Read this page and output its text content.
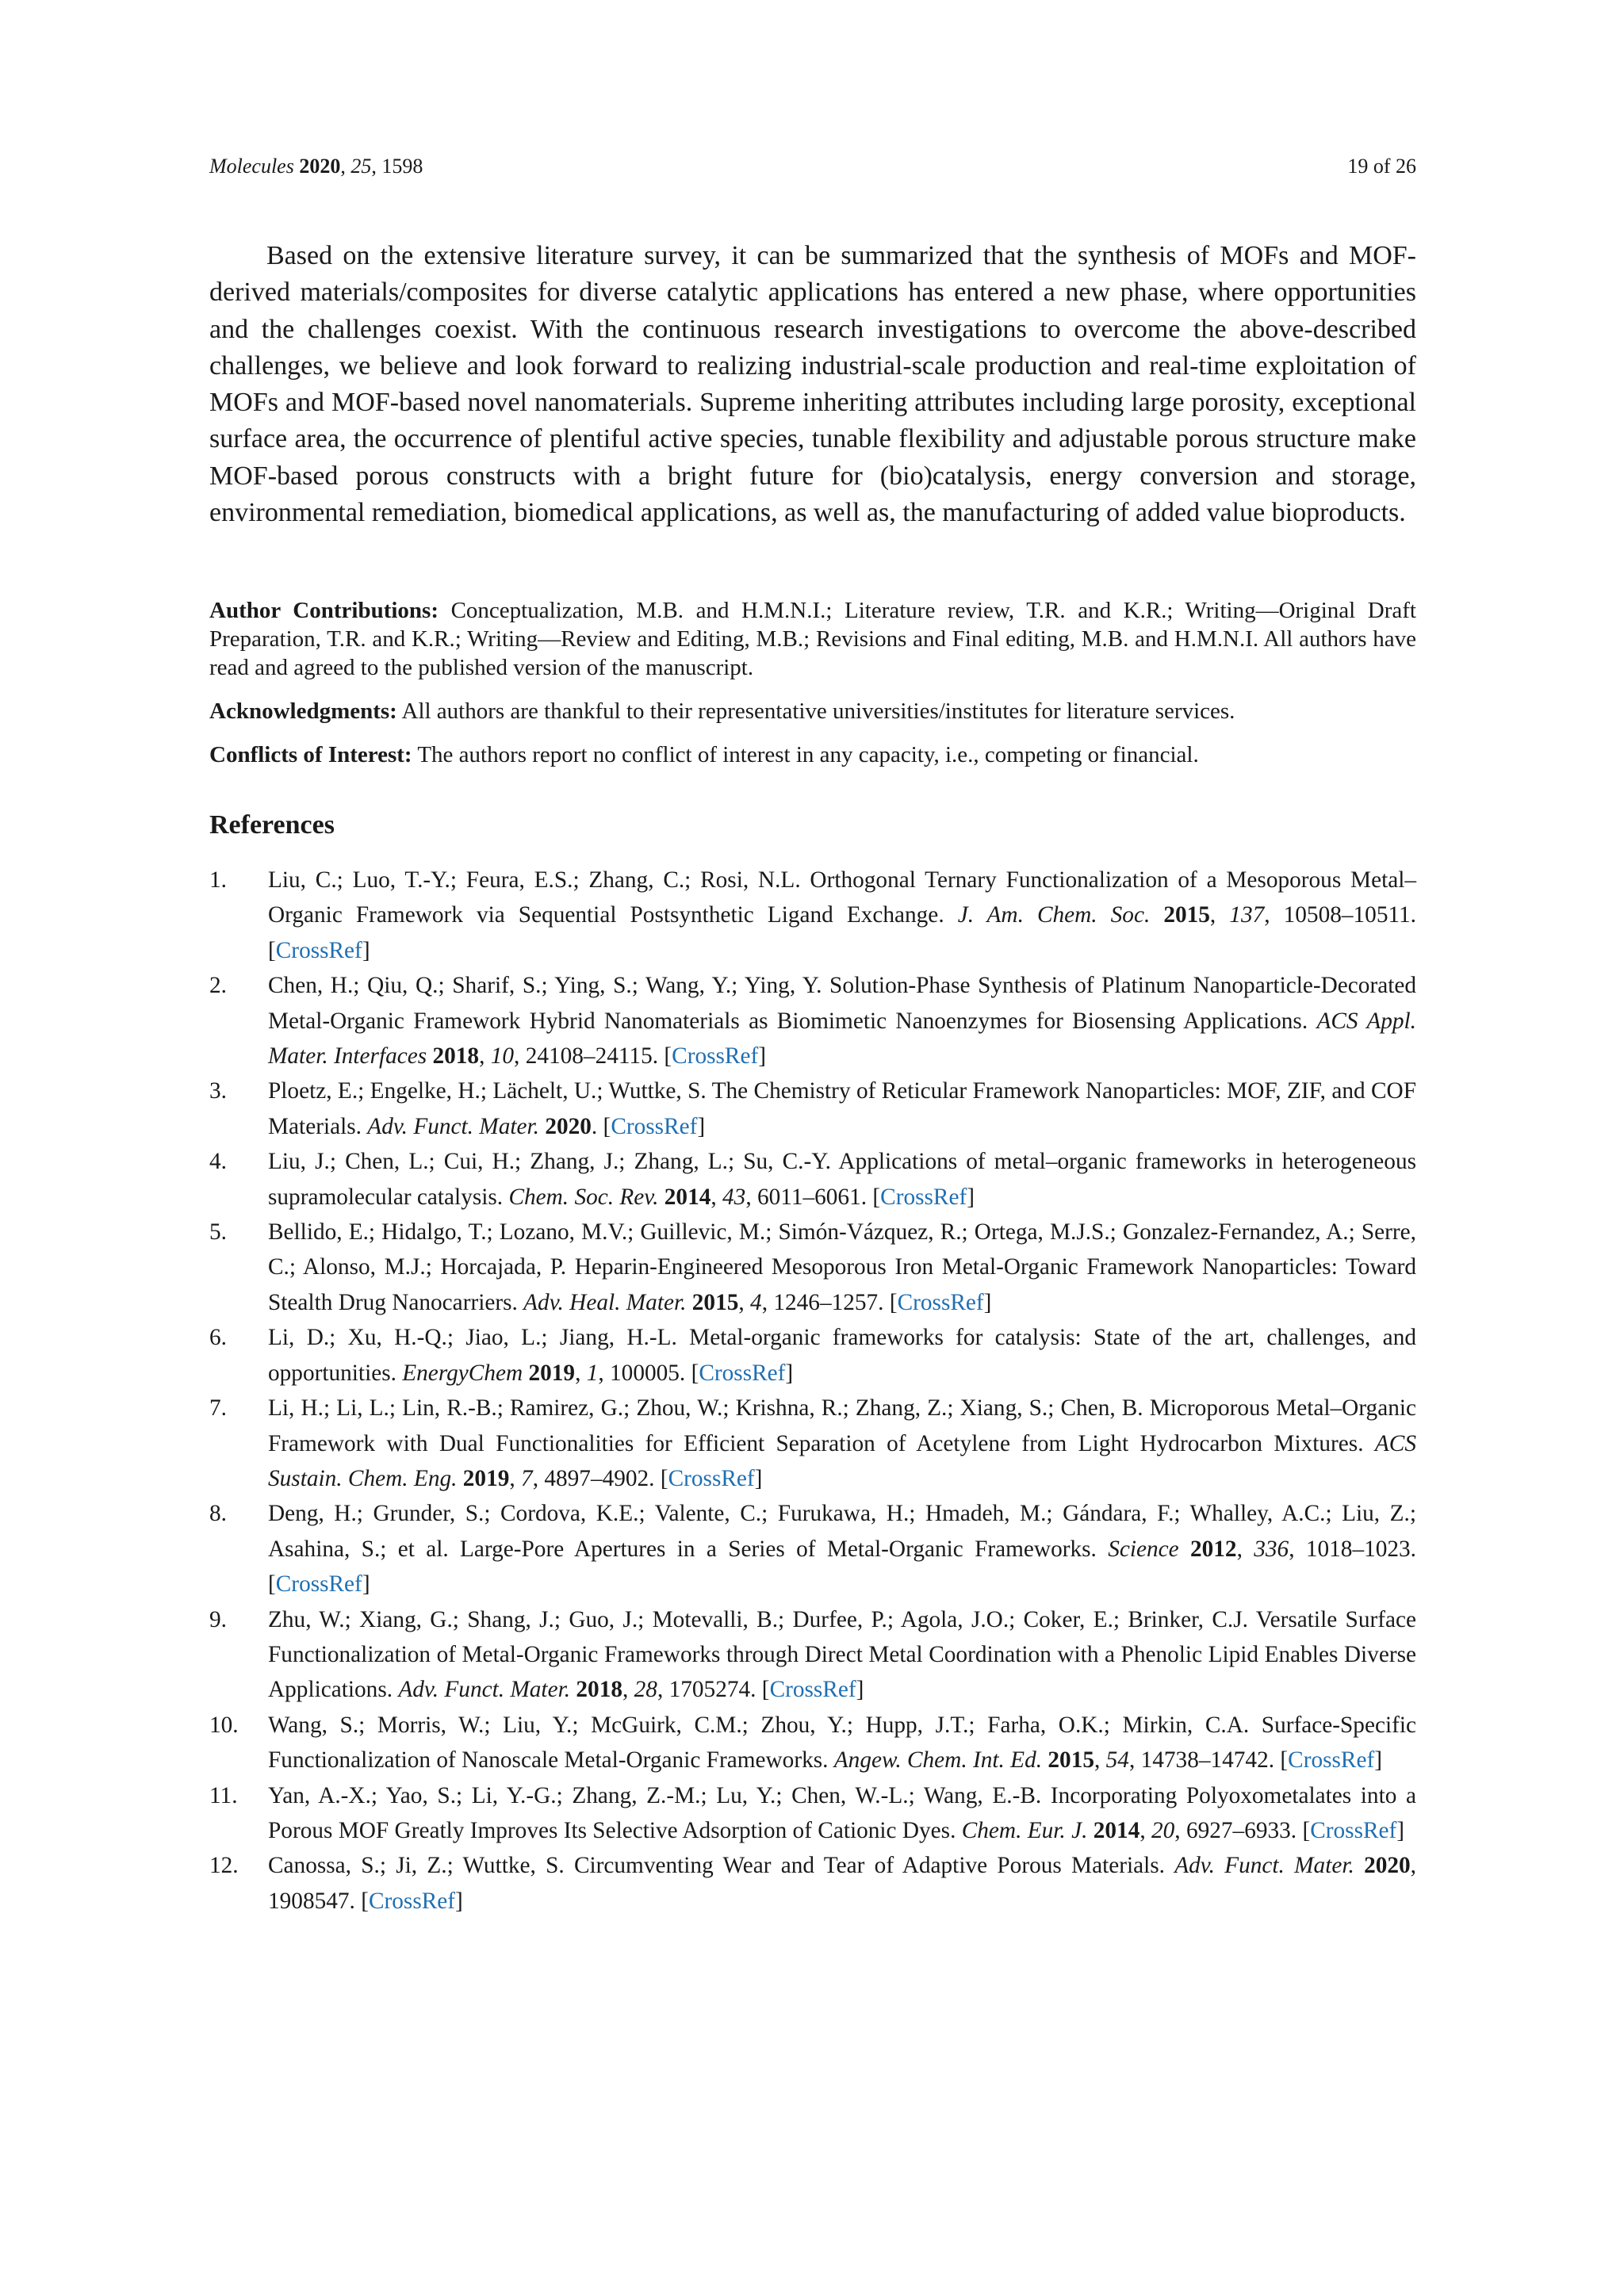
Molecules 2020, 25, 1598	19 of 26

Based on the extensive literature survey, it can be summarized that the synthesis of MOFs and MOF-derived materials/composites for diverse catalytic applications has entered a new phase, where opportunities and the challenges coexist. With the continuous research investigations to overcome the above-described challenges, we believe and look forward to realizing industrial-scale production and real-time exploitation of MOFs and MOF-based novel nanomaterials. Supreme inheriting attributes including large porosity, exceptional surface area, the occurrence of plentiful active species, tunable flexibility and adjustable porous structure make MOF-based porous constructs with a bright future for (bio)catalysis, energy conversion and storage, environmental remediation, biomedical applications, as well as, the manufacturing of added value bioproducts.

Author Contributions: Conceptualization, M.B. and H.M.N.I.; Literature review, T.R. and K.R.; Writing—Original Draft Preparation, T.R. and K.R.; Writing—Review and Editing, M.B.; Revisions and Final editing, M.B. and H.M.N.I. All authors have read and agreed to the published version of the manuscript.

Acknowledgments: All authors are thankful to their representative universities/institutes for literature services.

Conflicts of Interest: The authors report no conflict of interest in any capacity, i.e., competing or financial.

References
1. Liu, C.; Luo, T.-Y.; Feura, E.S.; Zhang, C.; Rosi, N.L. Orthogonal Ternary Functionalization of a Mesoporous Metal–Organic Framework via Sequential Postsynthetic Ligand Exchange. J. Am. Chem. Soc. 2015, 137, 10508–10511. [CrossRef]
2. Chen, H.; Qiu, Q.; Sharif, S.; Ying, S.; Wang, Y.; Ying, Y. Solution-Phase Synthesis of Platinum Nanoparticle-Decorated Metal-Organic Framework Hybrid Nanomaterials as Biomimetic Nanoenzymes for Biosensing Applications. ACS Appl. Mater. Interfaces 2018, 10, 24108–24115. [CrossRef]
3. Ploetz, E.; Engelke, H.; Lächelt, U.; Wuttke, S. The Chemistry of Reticular Framework Nanoparticles: MOF, ZIF, and COF Materials. Adv. Funct. Mater. 2020. [CrossRef]
4. Liu, J.; Chen, L.; Cui, H.; Zhang, J.; Zhang, L.; Su, C.-Y. Applications of metal–organic frameworks in heterogeneous supramolecular catalysis. Chem. Soc. Rev. 2014, 43, 6011–6061. [CrossRef]
5. Bellido, E.; Hidalgo, T.; Lozano, M.V.; Guillevic, M.; Simón-Vázquez, R.; Ortega, M.J.S.; Gonzalez-Fernandez, A.; Serre, C.; Alonso, M.J.; Horcajada, P. Heparin-Engineered Mesoporous Iron Metal-Organic Framework Nanoparticles: Toward Stealth Drug Nanocarriers. Adv. Heal. Mater. 2015, 4, 1246–1257. [CrossRef]
6. Li, D.; Xu, H.-Q.; Jiao, L.; Jiang, H.-L. Metal-organic frameworks for catalysis: State of the art, challenges, and opportunities. EnergyChem 2019, 1, 100005. [CrossRef]
7. Li, H.; Li, L.; Lin, R.-B.; Ramirez, G.; Zhou, W.; Krishna, R.; Zhang, Z.; Xiang, S.; Chen, B. Microporous Metal–Organic Framework with Dual Functionalities for Efficient Separation of Acetylene from Light Hydrocarbon Mixtures. ACS Sustain. Chem. Eng. 2019, 7, 4897–4902. [CrossRef]
8. Deng, H.; Grunder, S.; Cordova, K.E.; Valente, C.; Furukawa, H.; Hmadeh, M.; Gándara, F.; Whalley, A.C.; Liu, Z.; Asahina, S.; et al. Large-Pore Apertures in a Series of Metal-Organic Frameworks. Science 2012, 336, 1018–1023. [CrossRef]
9. Zhu, W.; Xiang, G.; Shang, J.; Guo, J.; Motevalli, B.; Durfee, P.; Agola, J.O.; Coker, E.; Brinker, C.J. Versatile Surface Functionalization of Metal-Organic Frameworks through Direct Metal Coordination with a Phenolic Lipid Enables Diverse Applications. Adv. Funct. Mater. 2018, 28, 1705274. [CrossRef]
10. Wang, S.; Morris, W.; Liu, Y.; McGuirk, C.M.; Zhou, Y.; Hupp, J.T.; Farha, O.K.; Mirkin, C.A. Surface-Specific Functionalization of Nanoscale Metal-Organic Frameworks. Angew. Chem. Int. Ed. 2015, 54, 14738–14742. [CrossRef]
11. Yan, A.-X.; Yao, S.; Li, Y.-G.; Zhang, Z.-M.; Lu, Y.; Chen, W.-L.; Wang, E.-B. Incorporating Polyoxometalates into a Porous MOF Greatly Improves Its Selective Adsorption of Cationic Dyes. Chem. Eur. J. 2014, 20, 6927–6933. [CrossRef]
12. Canossa, S.; Ji, Z.; Wuttke, S. Circumventing Wear and Tear of Adaptive Porous Materials. Adv. Funct. Mater. 2020, 1908547. [CrossRef]
